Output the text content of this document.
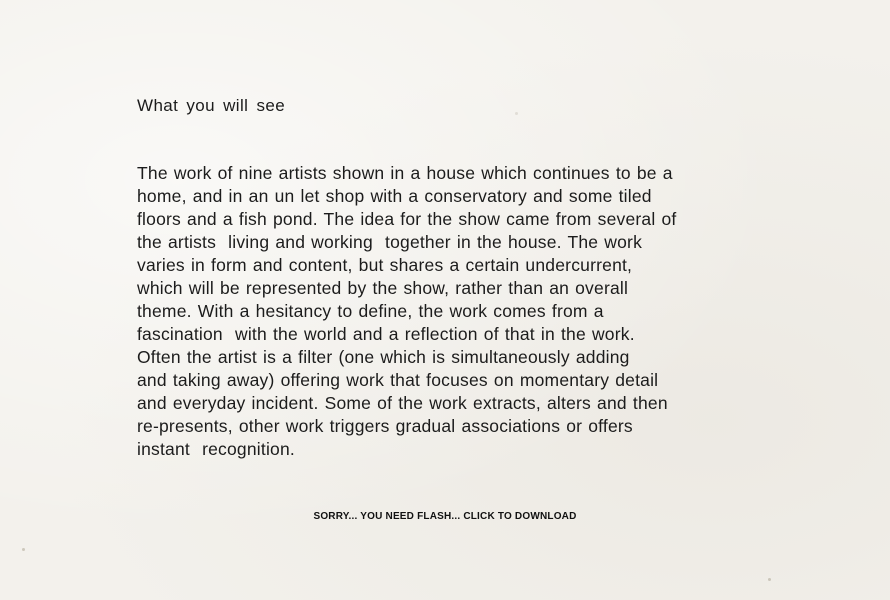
What you will see
The work of nine artists shown in a house which continues to be a
home, and in an un let shop with a conservatory and some tiled
floors and a fish pond. The idea for the show came from several of
the artists  living and working  together in the house. The work
varies in form and content, but shares a certain undercurrent,
which will be represented by the show, rather than an overall
theme. With a hesitancy to define, the work comes from a
fascination  with the world and a reflection of that in the work.
Often the artist is a filter (one which is simultaneously adding
and taking away) offering work that focuses on momentary detail
and everyday incident. Some of the work extracts, alters and then
re-presents, other work triggers gradual associations or offers
instant  recognition.
SORRY... YOU NEED FLASH... CLICK TO DOWNLOAD
